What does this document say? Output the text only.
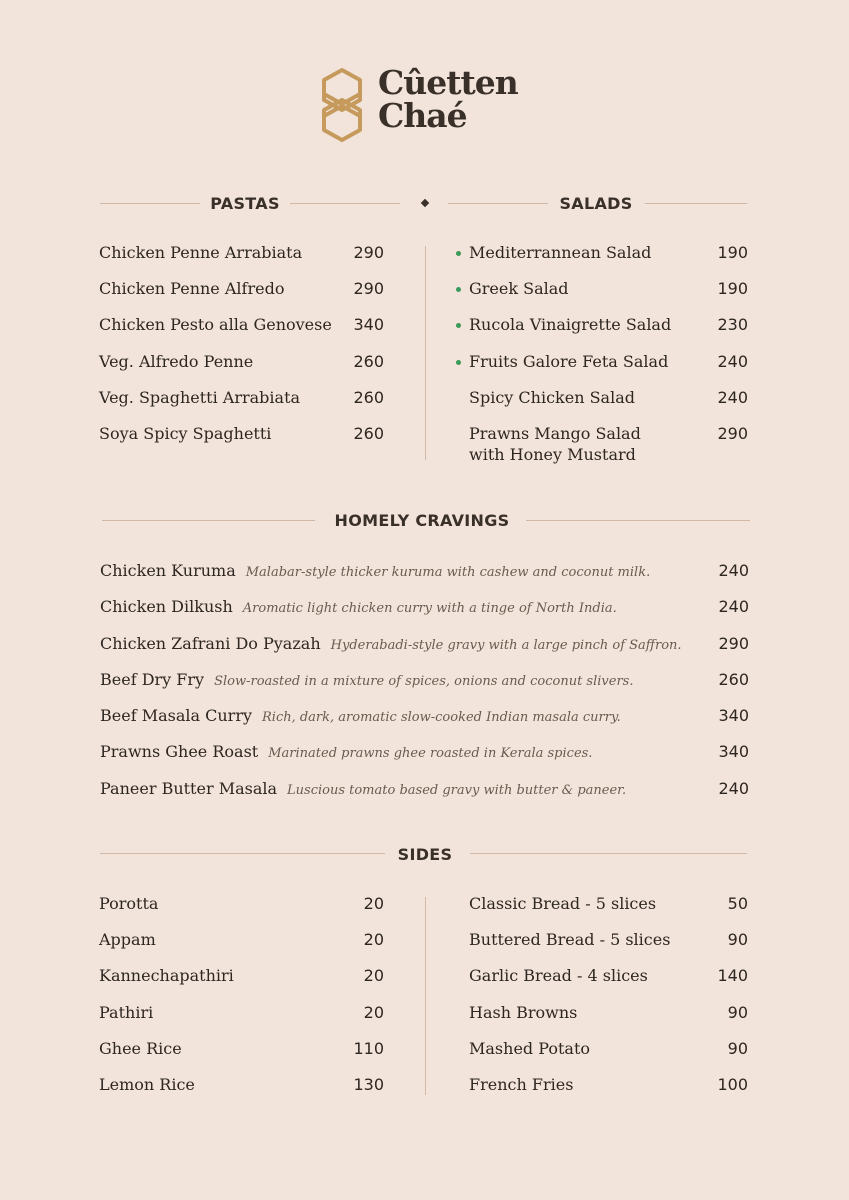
Cûetten
Chaé
PASTAS	SALADS
Chicken Penne Arrabiata	290
Chicken Penne Alfredo	290
Chicken Pesto alla Genovese	340
Veg. Alfredo Penne	260
Veg. Spaghetti Arrabiata	260
Soya Spicy Spaghetti	260
Mediterrannean Salad	190
Greek Salad	190
Rucola Vinaigrette Salad	230
Fruits Galore Feta Salad	240
Spicy Chicken Salad	240
Prawns Mango Salad
with Honey Mustard
290
HOMELY CRAVINGS
Chicken Kuruma Malabar-style thicker kuruma with cashew and coconut milk.	240
Chicken Dilkush Aromatic light chicken curry with a tinge of North India.	240
Chicken Zafrani Do Pyazah Hyderabadi-style gravy with a large pinch of Saffron.	290
Beef Dry Fry Slow-roasted in a mixture of spices, onions and coconut slivers.	260
Beef Masala Curry Rich, dark, aromatic slow-cooked Indian masala curry.	340
Prawns Ghee Roast Marinated prawns ghee roasted in Kerala spices.	340
Paneer Butter Masala Luscious tomato based gravy with butter & paneer.	240
SIDES
Porotta	20
Appam	20
Kannechapathiri	20
Pathiri	20
Ghee Rice	110
Lemon Rice	130
Classic Bread - 5 slices	50
Buttered Bread - 5 slices	90
Garlic Bread - 4 slices	140
Hash Browns	90
Mashed Potato	90
French Fries	100
